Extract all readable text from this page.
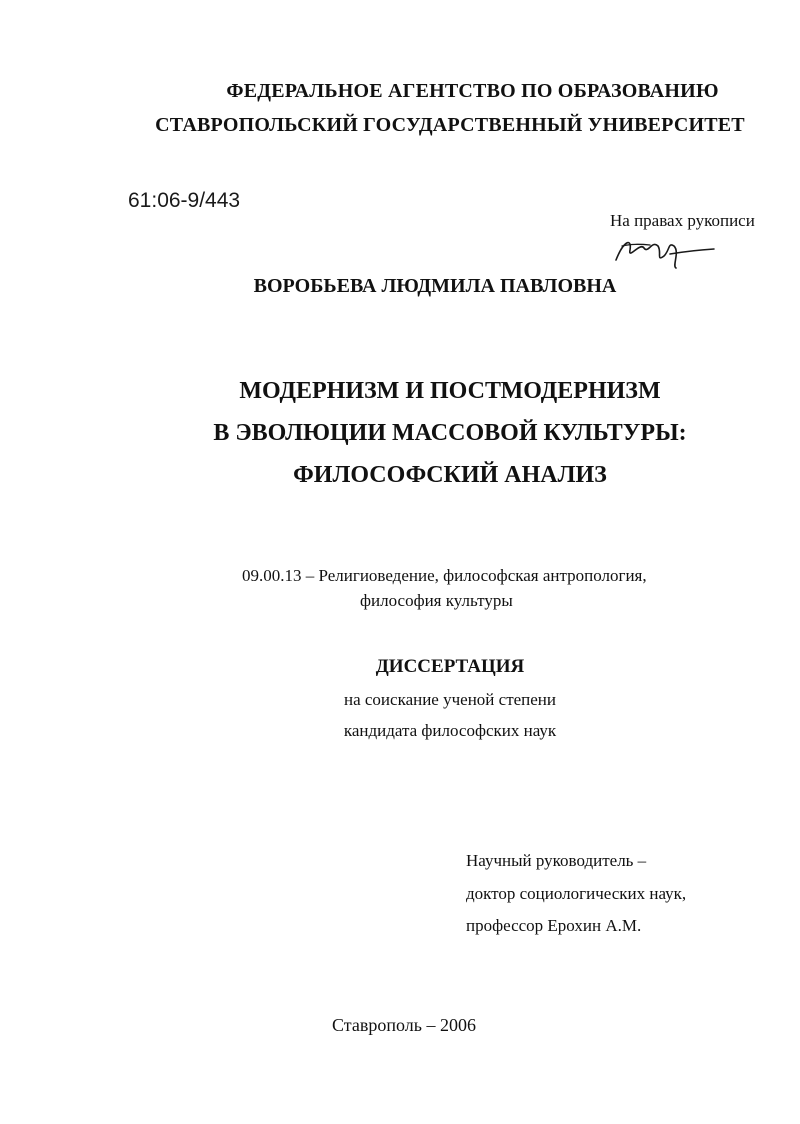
ФЕДЕРАЛЬНОЕ АГЕНТСТВО ПО ОБРАЗОВАНИЮ
СТАВРОПОЛЬСКИЙ ГОСУДАРСТВЕННЫЙ УНИВЕРСИТЕТ
61:06-9/443
На правах рукописи
ВОРОБЬЕВА ЛЮДМИЛА ПАВЛОВНА
МОДЕРНИЗМ И ПОСТМОДЕРНИЗМ
В ЭВОЛЮЦИИ МАССОВОЙ КУЛЬТУРЫ:
ФИЛОСОФСКИЙ АНАЛИЗ
09.00.13 – Религиоведение, философская антропология,
философия культуры
ДИССЕРТАЦИЯ
на соискание ученой степени
кандидата философских наук
Научный руководитель –
доктор социологических наук,
профессор Ерохин А.М.
Ставрополь – 2006
